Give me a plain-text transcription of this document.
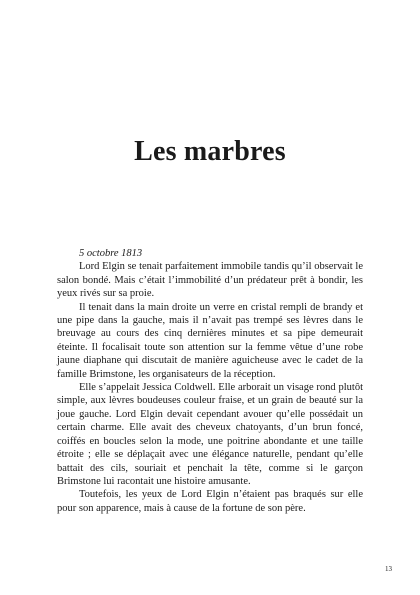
Les marbres

5 octobre 1813

Lord Elgin se tenait parfaitement immobile tandis qu’il observait le salon bondé. Mais c’était l’immobilité d’un prédateur prêt à bondir, les yeux rivés sur sa proie.

Il tenait dans la main droite un verre en cristal rempli de brandy et une pipe dans la gauche, mais il n’avait pas trempé ses lèvres dans le breuvage au cours des cinq dernières minutes et sa pipe demeurait éteinte. Il focalisait toute son attention sur la femme vêtue d’une robe jaune diaphane qui discutait de manière aguicheuse avec le cadet de la famille Brimstone, les organisateurs de la réception.

Elle s’appelait Jessica Coldwell. Elle arborait un visage rond plutôt simple, aux lèvres boudeuses couleur fraise, et un grain de beauté sur la joue gauche. Lord Elgin devait cependant avouer qu’elle possédait un certain charme. Elle avait des cheveux chatoyants, d’un brun foncé, coiffés en boucles selon la mode, une poitrine abondante et une taille étroite ; elle se déplaçait avec une élégance naturelle, pendant qu’elle battait des cils, souriait et penchait la tête, comme si le garçon Brimstone lui racontait une histoire amusante.

Toutefois, les yeux de Lord Elgin n’étaient pas braqués sur elle pour son apparence, mais à cause de la fortune de son père.

13
